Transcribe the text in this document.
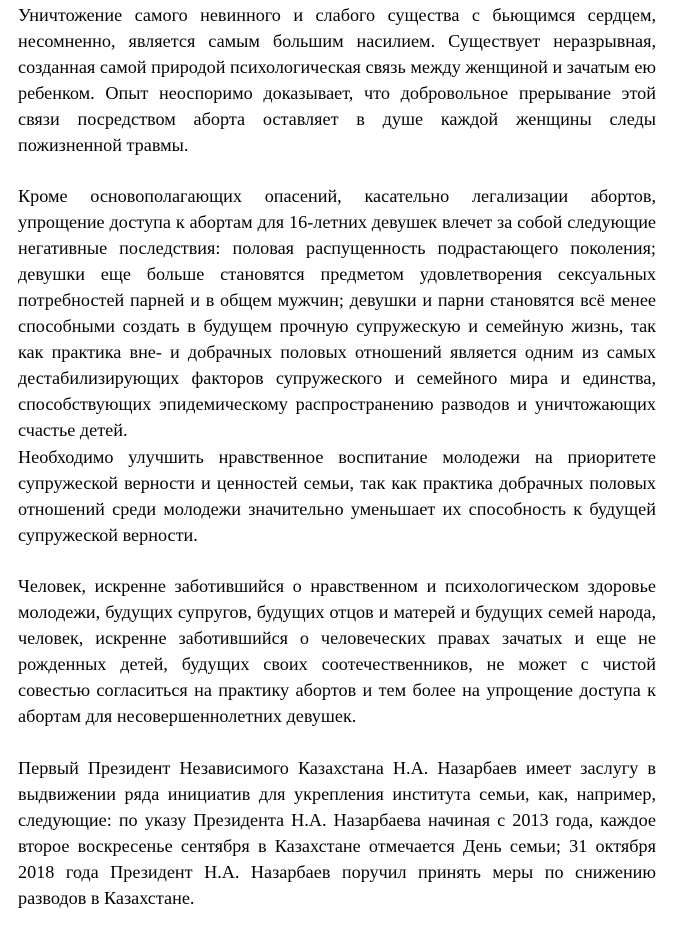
Уничтожение самого невинного и слабого существа с бьющимся сердцем, несомненно, является самым большим насилием. Существует неразрывная, созданная самой природой психологическая связь между женщиной и зачатым ею ребенком. Опыт неоспоримо доказывает, что добровольное прерывание этой связи посредством аборта оставляет в душе каждой женщины следы пожизненной травмы.

Кроме основополагающих опасений, касательно легализации абортов, упрощение доступа к абортам для 16-летних девушек влечет за собой следующие негативные последствия: половая распущенность подрастающего поколения; девушки еще больше становятся предметом удовлетворения сексуальных потребностей парней и в общем мужчин; девушки и парни становятся всё менее способными создать в будущем прочную супружескую и семейную жизнь, так как практика вне- и добрачных половых отношений является одним из самых дестабилизирующих факторов супружеского и семейного мира и единства, способствующих эпидемическому распространению разводов и уничтожающих счастье детей.

Необходимо улучшить нравственное воспитание молодежи на приоритете супружеской верности и ценностей семьи, так как практика добрачных половых отношений среди молодежи значительно уменьшает их способность к будущей супружеской верности.

Человек, искренне заботившийся о нравственном и психологическом здоровье молодежи, будущих супругов, будущих отцов и матерей и будущих семей народа, человек, искренне заботившийся о человеческих правах зачатых и еще не рожденных детей, будущих своих соотечественников, не может с чистой совестью согласиться на практику абортов и тем более на упрощение доступа к абортам для несовершеннолетних девушек.

Первый Президент Независимого Казахстана Н.А. Назарбаев имеет заслугу в выдвижении ряда инициатив для укрепления института семьи, как, например, следующие: по указу Президента Н.А. Назарбаева начиная с 2013 года, каждое второе воскресенье сентября в Казахстане отмечается День семьи; 31 октября 2018 года Президент Н.А. Назарбаев поручил принять меры по снижению разводов в Казахстане.
